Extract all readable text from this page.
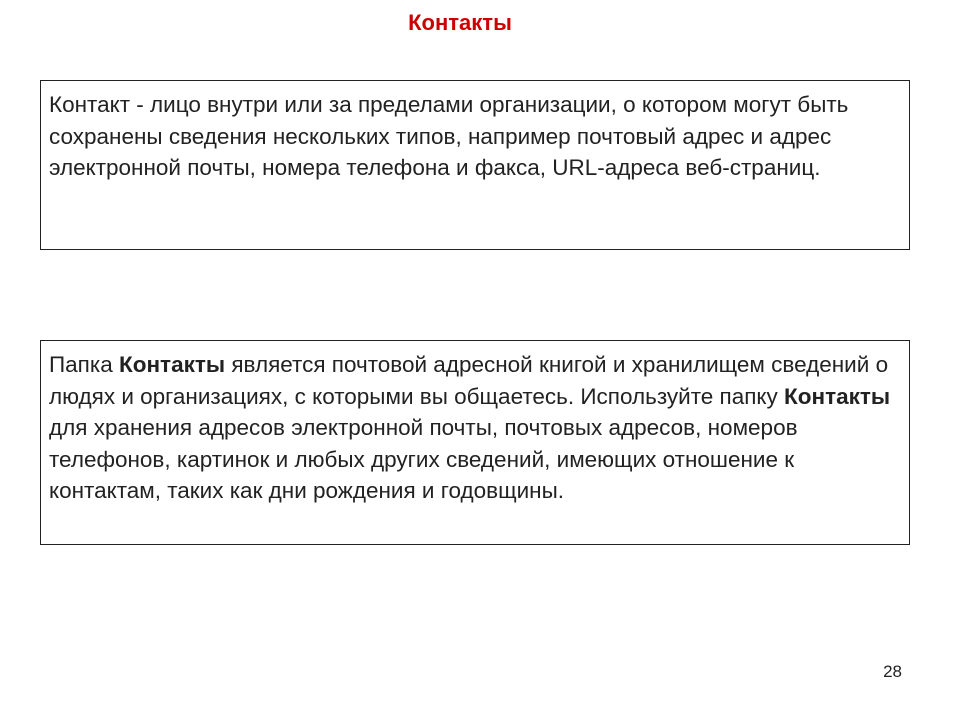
Контакты

Контакт - лицо внутри или за пределами организации, о котором могут быть сохранены сведения нескольких типов, например почтовый адрес и адрес электронной почты, номера телефона и факса, URL-адреса веб-страниц.

Папка Контакты является почтовой адресной книгой и хранилищем сведений о людях и организациях, с которыми вы общаетесь. Используйте папку Контакты для хранения адресов электронной почты, почтовых адресов, номеров телефонов, картинок и любых других сведений, имеющих отношение к контактам, таких как дни рождения и годовщины.

28
